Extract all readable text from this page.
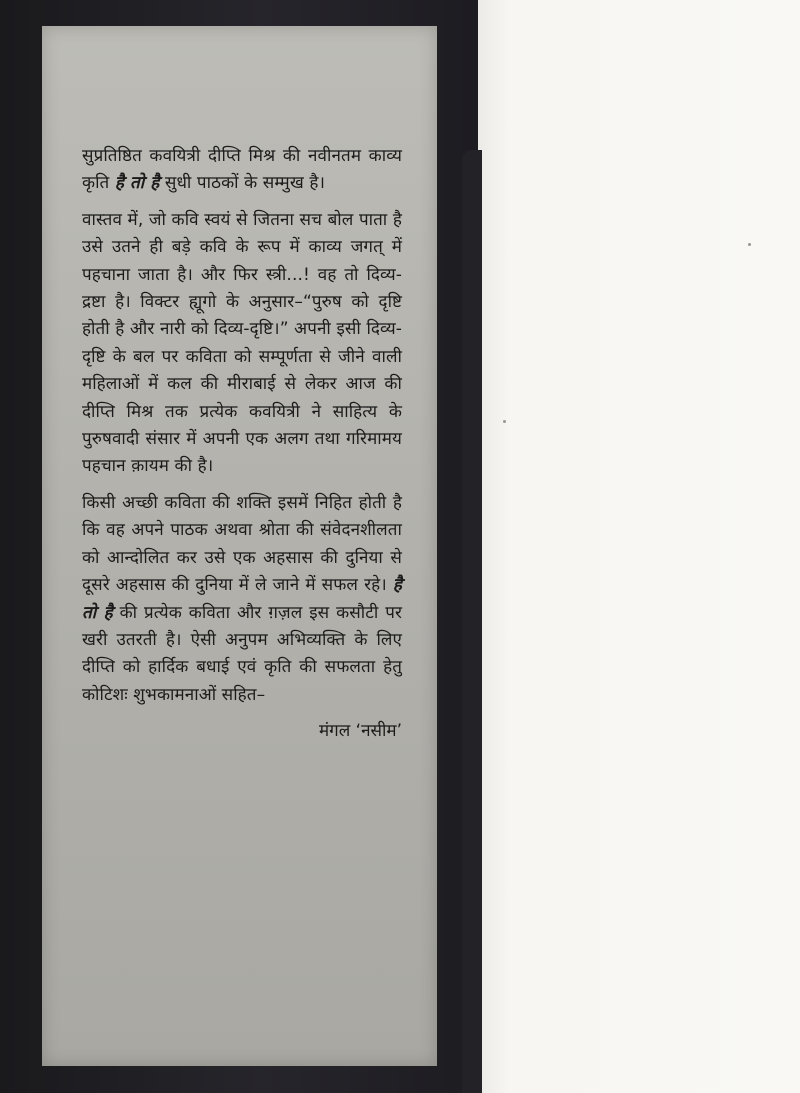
सुप्रतिष्ठित कवयित्री दीप्ति मिश्र की नवीनतम काव्य कृति है तो है सुधी पाठकों के सम्मुख है।

वास्तव में, जो कवि स्वयं से जितना सच बोल पाता है उसे उतने ही बड़े कवि के रूप में काव्य जगत् में पहचाना जाता है। और फिर स्त्री...! वह तो दिव्य-द्रष्टा है। विक्टर ह्यूगो के अनुसार–“पुरुष को दृष्टि होती है और नारी को दिव्य-दृष्टि।” अपनी इसी दिव्य-दृष्टि के बल पर कविता को सम्पूर्णता से जीने वाली महिलाओं में कल की मीराबाई से लेकर आज की दीप्ति मिश्र तक प्रत्येक कवयित्री ने साहित्य के पुरुषवादी संसार में अपनी एक अलग तथा गरिमामय पहचान क़ायम की है।

किसी अच्छी कविता की शक्ति इसमें निहित होती है कि वह अपने पाठक अथवा श्रोता की संवेदनशीलता को आन्दोलित कर उसे एक अहसास की दुनिया से दूसरे अहसास की दुनिया में ले जाने में सफल रहे। है तो है की प्रत्येक कविता और ग़ज़ल इस कसौटी पर खरी उतरती है। ऐसी अनुपम अभिव्यक्ति के लिए दीप्ति को हार्दिक बधाई एवं कृति की सफलता हेतु कोटिशः शुभकामनाओं सहित–

मंगल ‘नसीम’
